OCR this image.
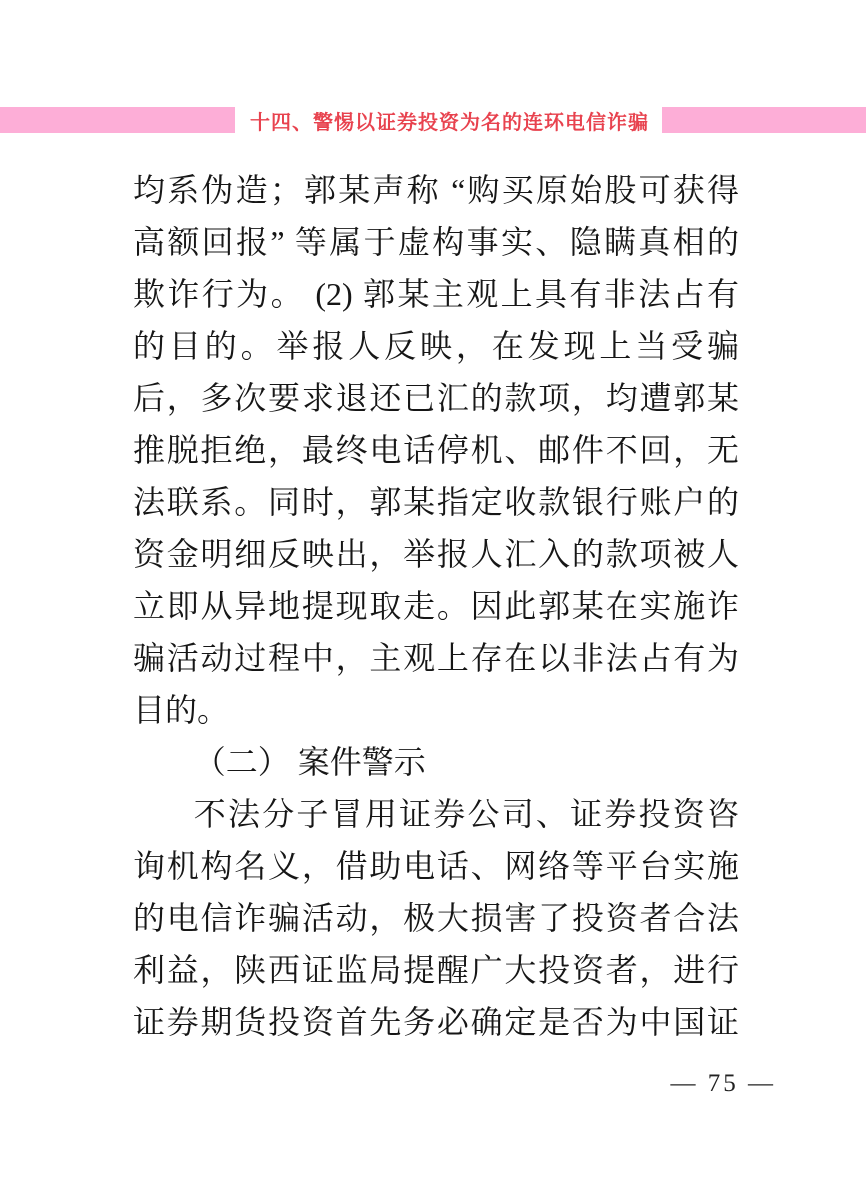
十四、警惕以证券投资为名的连环电信诈骗
均系伪造；郭某声称 “购买原始股可获得
高额回报” 等属于虚构事实、隐瞒真相的
欺诈行为。 (2) 郭某主观上具有非法占有
的目的。举报人反映，在发现上当受骗
后，多次要求退还已汇的款项，均遭郭某
推脱拒绝，最终电话停机、邮件不回，无
法联系。同时，郭某指定收款银行账户的
资金明细反映出，举报人汇入的款项被人
立即从异地提现取走。因此郭某在实施诈
骗活动过程中，主观上存在以非法占有为
目的。
（二） 案件警示
不法分子冒用证券公司、证券投资咨
询机构名义，借助电话、网络等平台实施
的电信诈骗活动，极大损害了投资者合法
利益，陕西证监局提醒广大投资者，进行
证券期货投资首先务必确定是否为中国证
— 75 —
